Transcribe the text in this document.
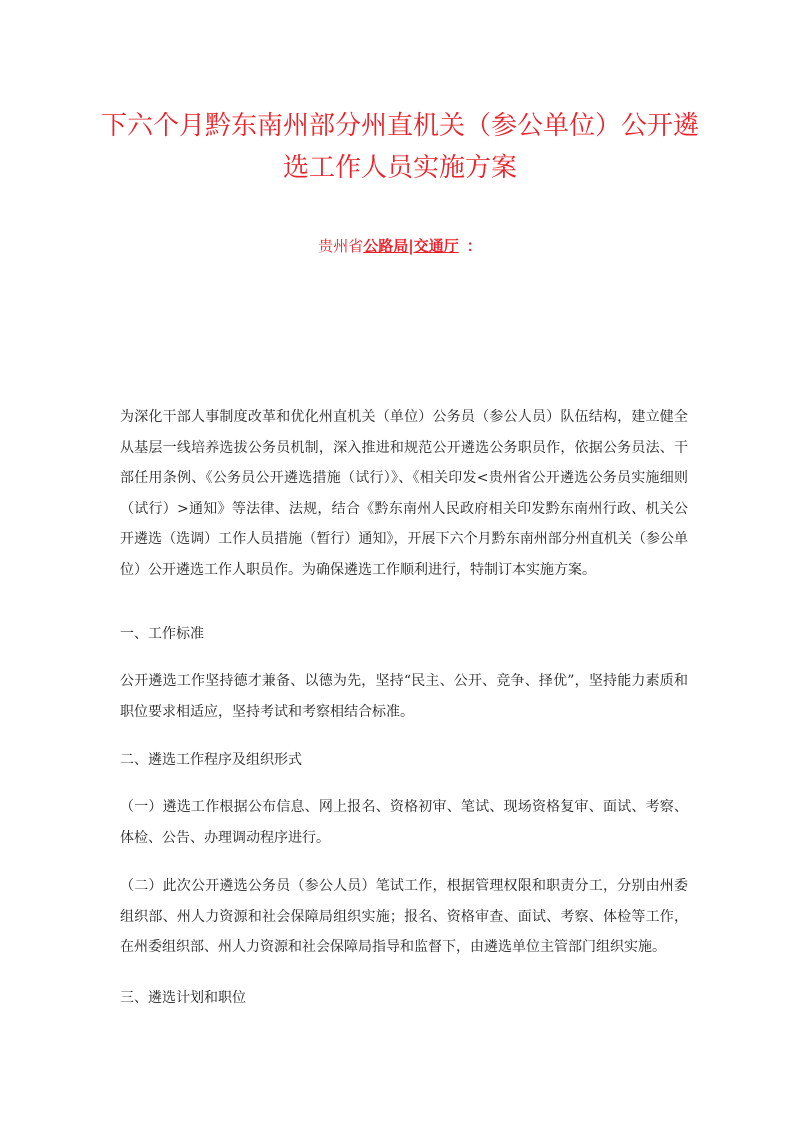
下六个月黔东南州部分州直机关（参公单位）公开遴
选工作人员实施方案
贵州省公路局|交通厅 ：

为深化干部人事制度改革和优化州直机关（单位）公务员（参公人员）队伍结构，建立健全从基层一线培养选拔公务员机制，深入推进和规范公开遴选公务职员作，依据公务员法、干部任用条例、《公务员公开遴选措施（试行）》、《相关印发<贵州省公开遴选公务员实施细则（试行）>通知》等法律、法规，结合《黔东南州人民政府相关印发黔东南州行政、机关公开遴选（选调）工作人员措施（暂行）通知》，开展下六个月黔东南州部分州直机关（参公单位）公开遴选工作人职员作。为确保遴选工作顺利进行，特制订本实施方案。

一、工作标准

公开遴选工作坚持德才兼备、以德为先，坚持“民主、公开、竞争、择优”，坚持能力素质和职位要求相适应，坚持考试和考察相结合标准。

二、遴选工作程序及组织形式

（一）遴选工作根据公布信息、网上报名、资格初审、笔试、现场资格复审、面试、考察、体检、公告、办理调动程序进行。

（二）此次公开遴选公务员（参公人员）笔试工作，根据管理权限和职责分工，分别由州委组织部、州人力资源和社会保障局组织实施；报名、资格审查、面试、考察、体检等工作，在州委组织部、州人力资源和社会保障局指导和监督下，由遴选单位主管部门组织实施。

三、遴选计划和职位
